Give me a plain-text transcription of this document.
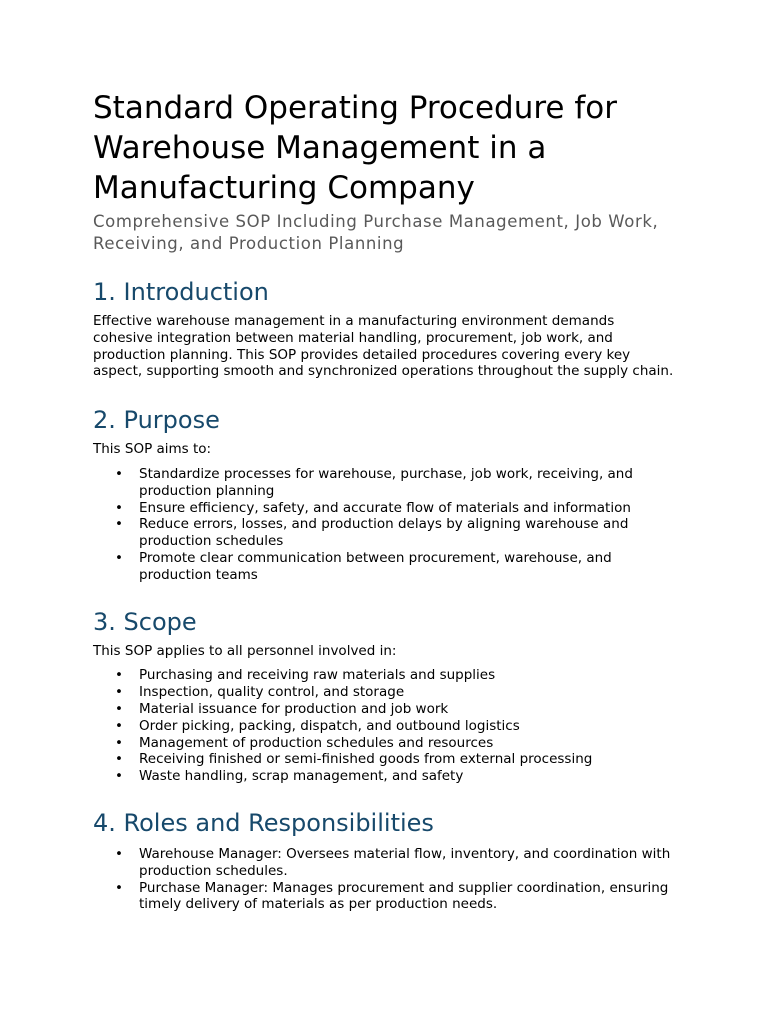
Standard Operating Procedure for Warehouse Management in a Manufacturing Company
Comprehensive SOP Including Purchase Management, Job Work, Receiving, and Production Planning
1. Introduction

Effective warehouse management in a manufacturing environment demands cohesive integration between material handling, procurement, job work, and production planning. This SOP provides detailed procedures covering every key aspect, supporting smooth and synchronized operations throughout the supply chain.

2. Purpose

This SOP aims to:

• Standardize processes for warehouse, purchase, job work, receiving, and production planning
• Ensure efficiency, safety, and accurate flow of materials and information
• Reduce errors, losses, and production delays by aligning warehouse and production schedules
• Promote clear communication between procurement, warehouse, and production teams
3. Scope

This SOP applies to all personnel involved in:

• Purchasing and receiving raw materials and supplies
• Inspection, quality control, and storage
• Material issuance for production and job work
• Order picking, packing, dispatch, and outbound logistics
• Management of production schedules and resources
• Receiving finished or semi-finished goods from external processing
• Waste handling, scrap management, and safety
4. Roles and Responsibilities
• Warehouse Manager: Oversees material flow, inventory, and coordination with production schedules.
• Purchase Manager: Manages procurement and supplier coordination, ensuring timely delivery of materials as per production needs.
